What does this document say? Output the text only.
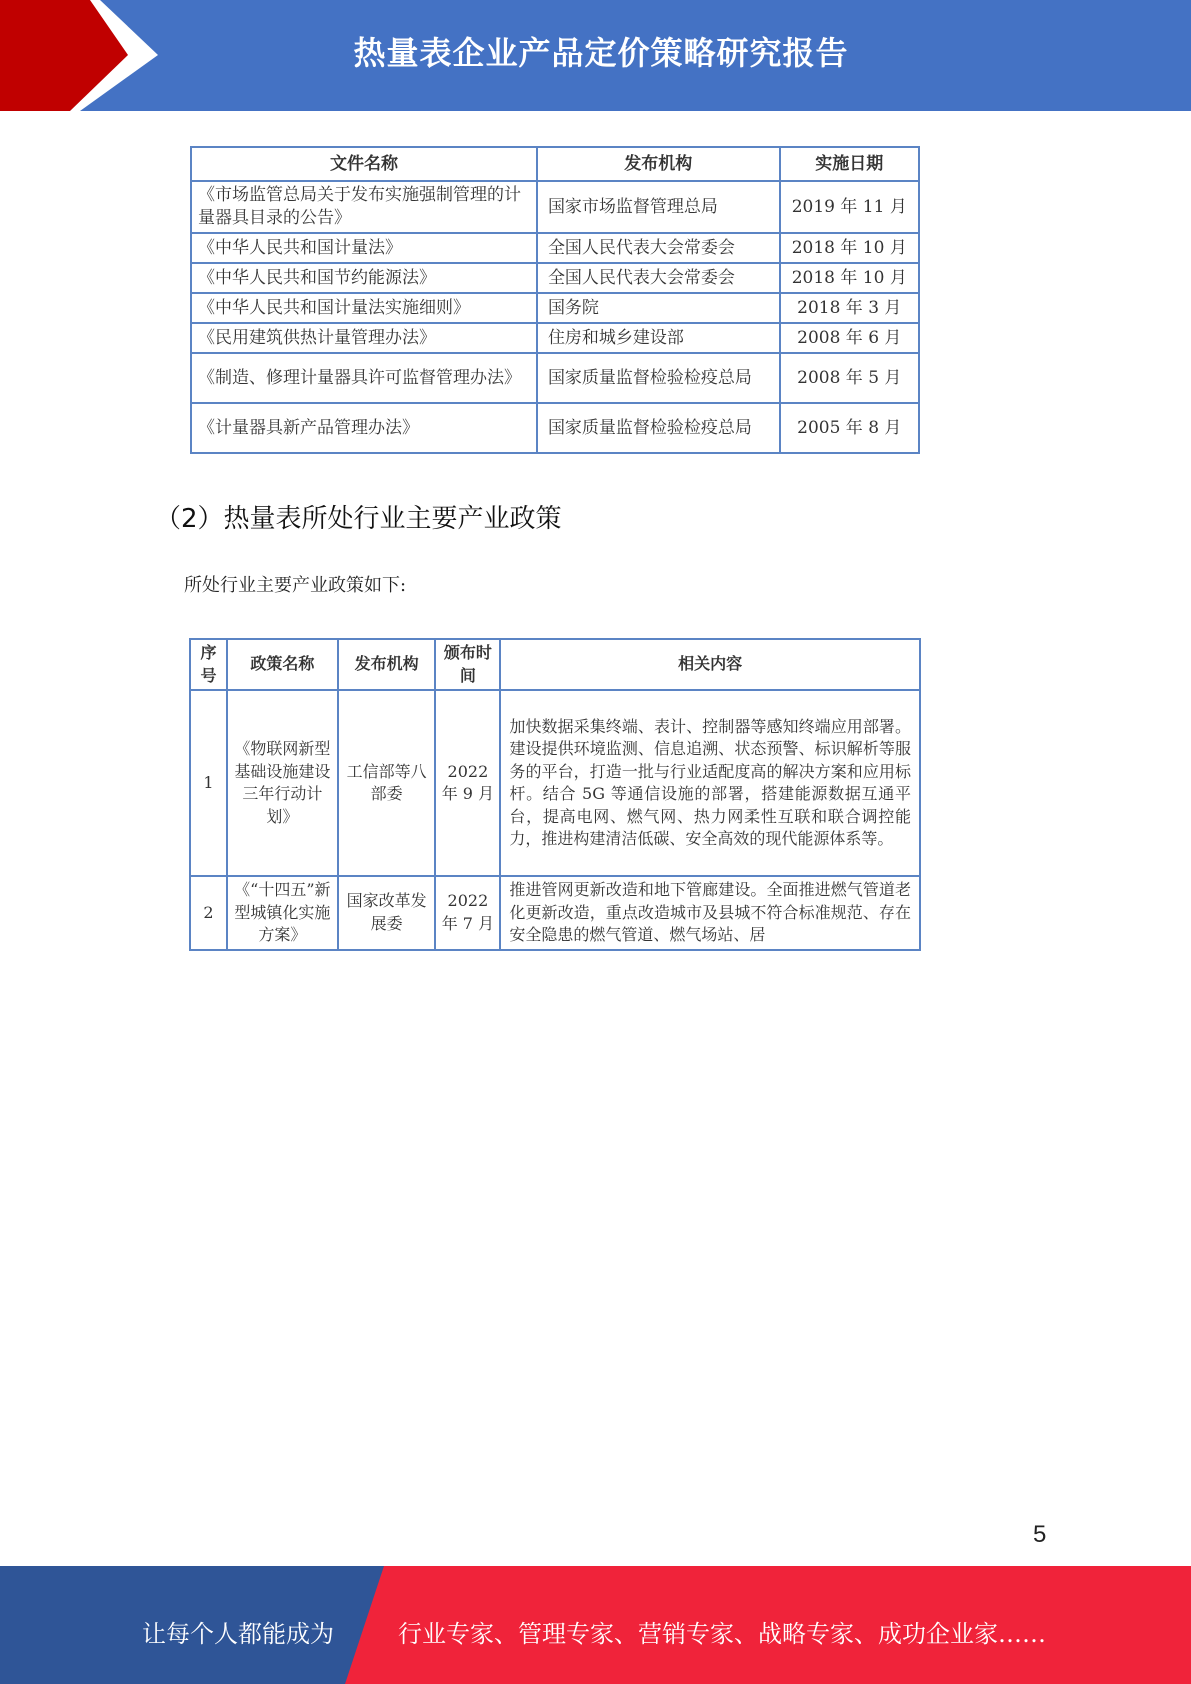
热量表企业产品定价策略研究报告
文件名称	发布机构	实施日期
《市场监管总局关于发布实施强制管理的计量器具目录的公告》	国家市场监督管理总局	2019 年 11 月
《中华人民共和国计量法》	全国人民代表大会常委会	2018 年 10 月
《中华人民共和国节约能源法》	全国人民代表大会常委会	2018 年 10 月
《中华人民共和国计量法实施细则》	国务院	2018 年 3 月
《民用建筑供热计量管理办法》	住房和城乡建设部	2008 年 6 月
《制造、修理计量器具许可监督管理办法》	国家质量监督检验检疫总局	2008 年 5 月
《计量器具新产品管理办法》	国家质量监督检验检疫总局	2005 年 8 月
（2）热量表所处行业主要产业政策
所处行业主要产业政策如下:
序号	政策名称	发布机构	颁布时间	相关内容
1	《物联网新型基础设施建设三年行动计划》	工信部等八部委	2022 年 9 月	加快数据采集终端、表计、控制器等感知终端应用部署。建设提供环境监测、信息追溯、状态预警、标识解析等服务的平台，打造一批与行业适配度高的解决方案和应用标杆。结合 5G 等通信设施的部署，搭建能源数据互通平台，提高电网、燃气网、热力网柔性互联和联合调控能力，推进构建清洁低碳、安全高效的现代能源体系等。
2	《“十四五”新型城镇化实施方案》	国家改革发展委	2022 年 7 月	推进管网更新改造和地下管廊建设。全面推进燃气管道老化更新改造，重点改造城市及县城不符合标准规范、存在安全隐患的燃气管道、燃气场站、居
5
让每个人都能成为	行业专家、管理专家、营销专家、战略专家、成功企业家……
